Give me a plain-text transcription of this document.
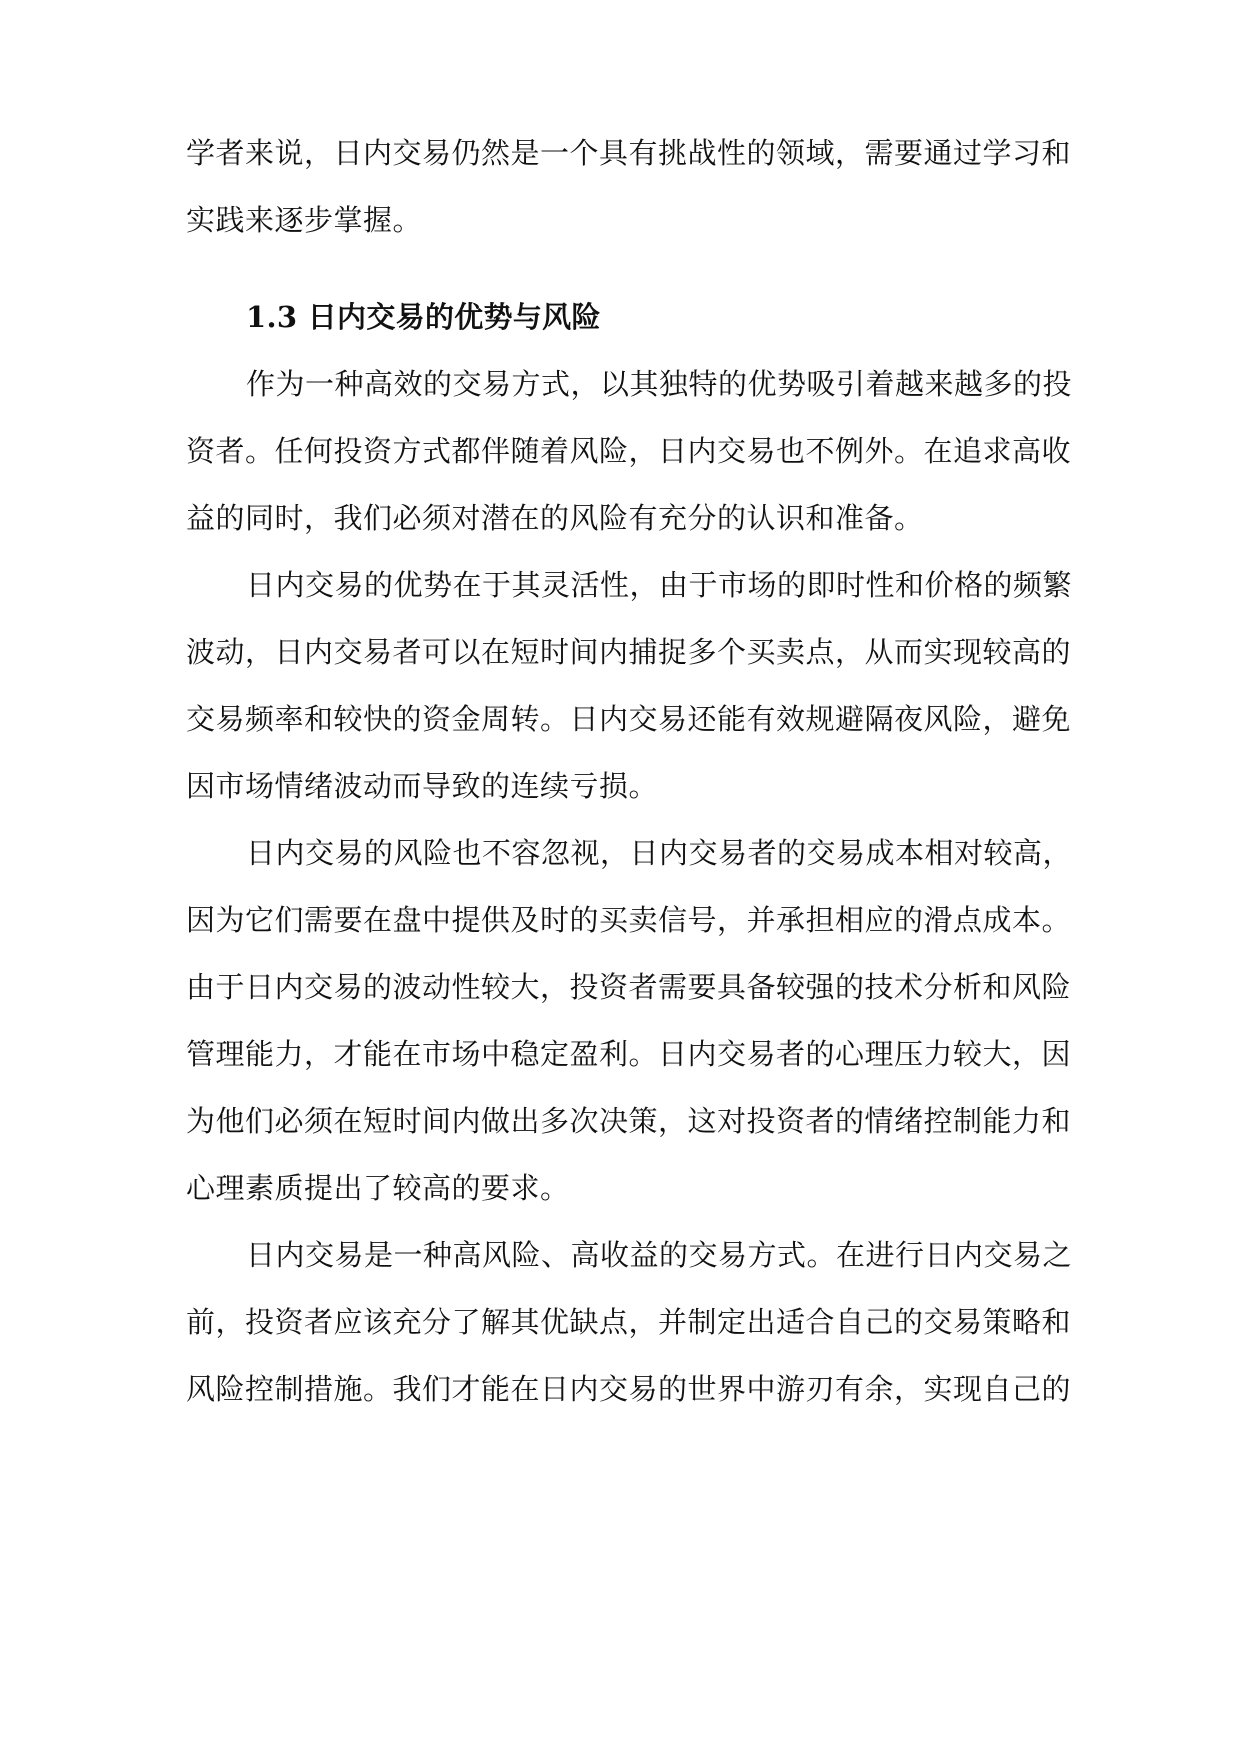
学者来说，日内交易仍然是一个具有挑战性的领域，需要通过学习和
实践来逐步掌握。
1.3 日内交易的优势与风险
作为一种高效的交易方式，以其独特的优势吸引着越来越多的投
资者。任何投资方式都伴随着风险，日内交易也不例外。在追求高收
益的同时，我们必须对潜在的风险有充分的认识和准备。
日内交易的优势在于其灵活性，由于市场的即时性和价格的频繁
波动，日内交易者可以在短时间内捕捉多个买卖点，从而实现较高的
交易频率和较快的资金周转。日内交易还能有效规避隔夜风险，避免
因市场情绪波动而导致的连续亏损。
日内交易的风险也不容忽视，日内交易者的交易成本相对较高，
因为它们需要在盘中提供及时的买卖信号，并承担相应的滑点成本。
由于日内交易的波动性较大，投资者需要具备较强的技术分析和风险
管理能力，才能在市场中稳定盈利。日内交易者的心理压力较大，因
为他们必须在短时间内做出多次决策，这对投资者的情绪控制能力和
心理素质提出了较高的要求。
日内交易是一种高风险、高收益的交易方式。在进行日内交易之
前，投资者应该充分了解其优缺点，并制定出适合自己的交易策略和
风险控制措施。我们才能在日内交易的世界中游刃有余，实现自己的
